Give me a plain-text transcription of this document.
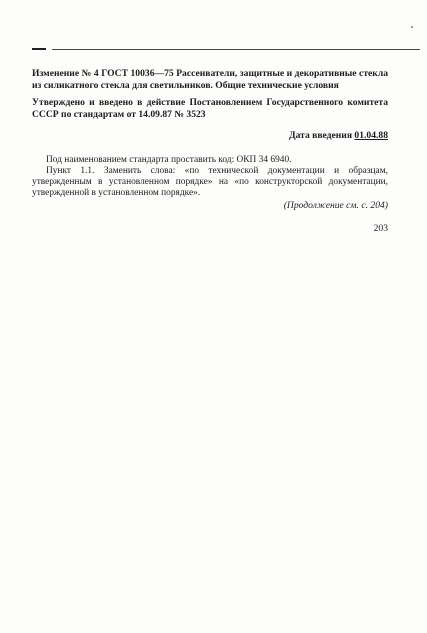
Изменение № 4 ГОСТ 10036—75 Рассеиватели, защитные и декоративные стекла из силикатного стекла для светильников. Общие технические условия

Утверждено и введено в действие Постановлением Государственного комитета СССР по стандартам от 14.09.87 № 3523

Дата введения 01.04.88

Под наименованием стандарта проставить код: ОКП 34 6940.

Пункт 1.1. Заменить слова: «по технической документации и образцам, утвержденным в установленном порядке» на «по конструкторской документации, утвержденной в установленном порядке».

(Продолжение см. с. 204)
203
